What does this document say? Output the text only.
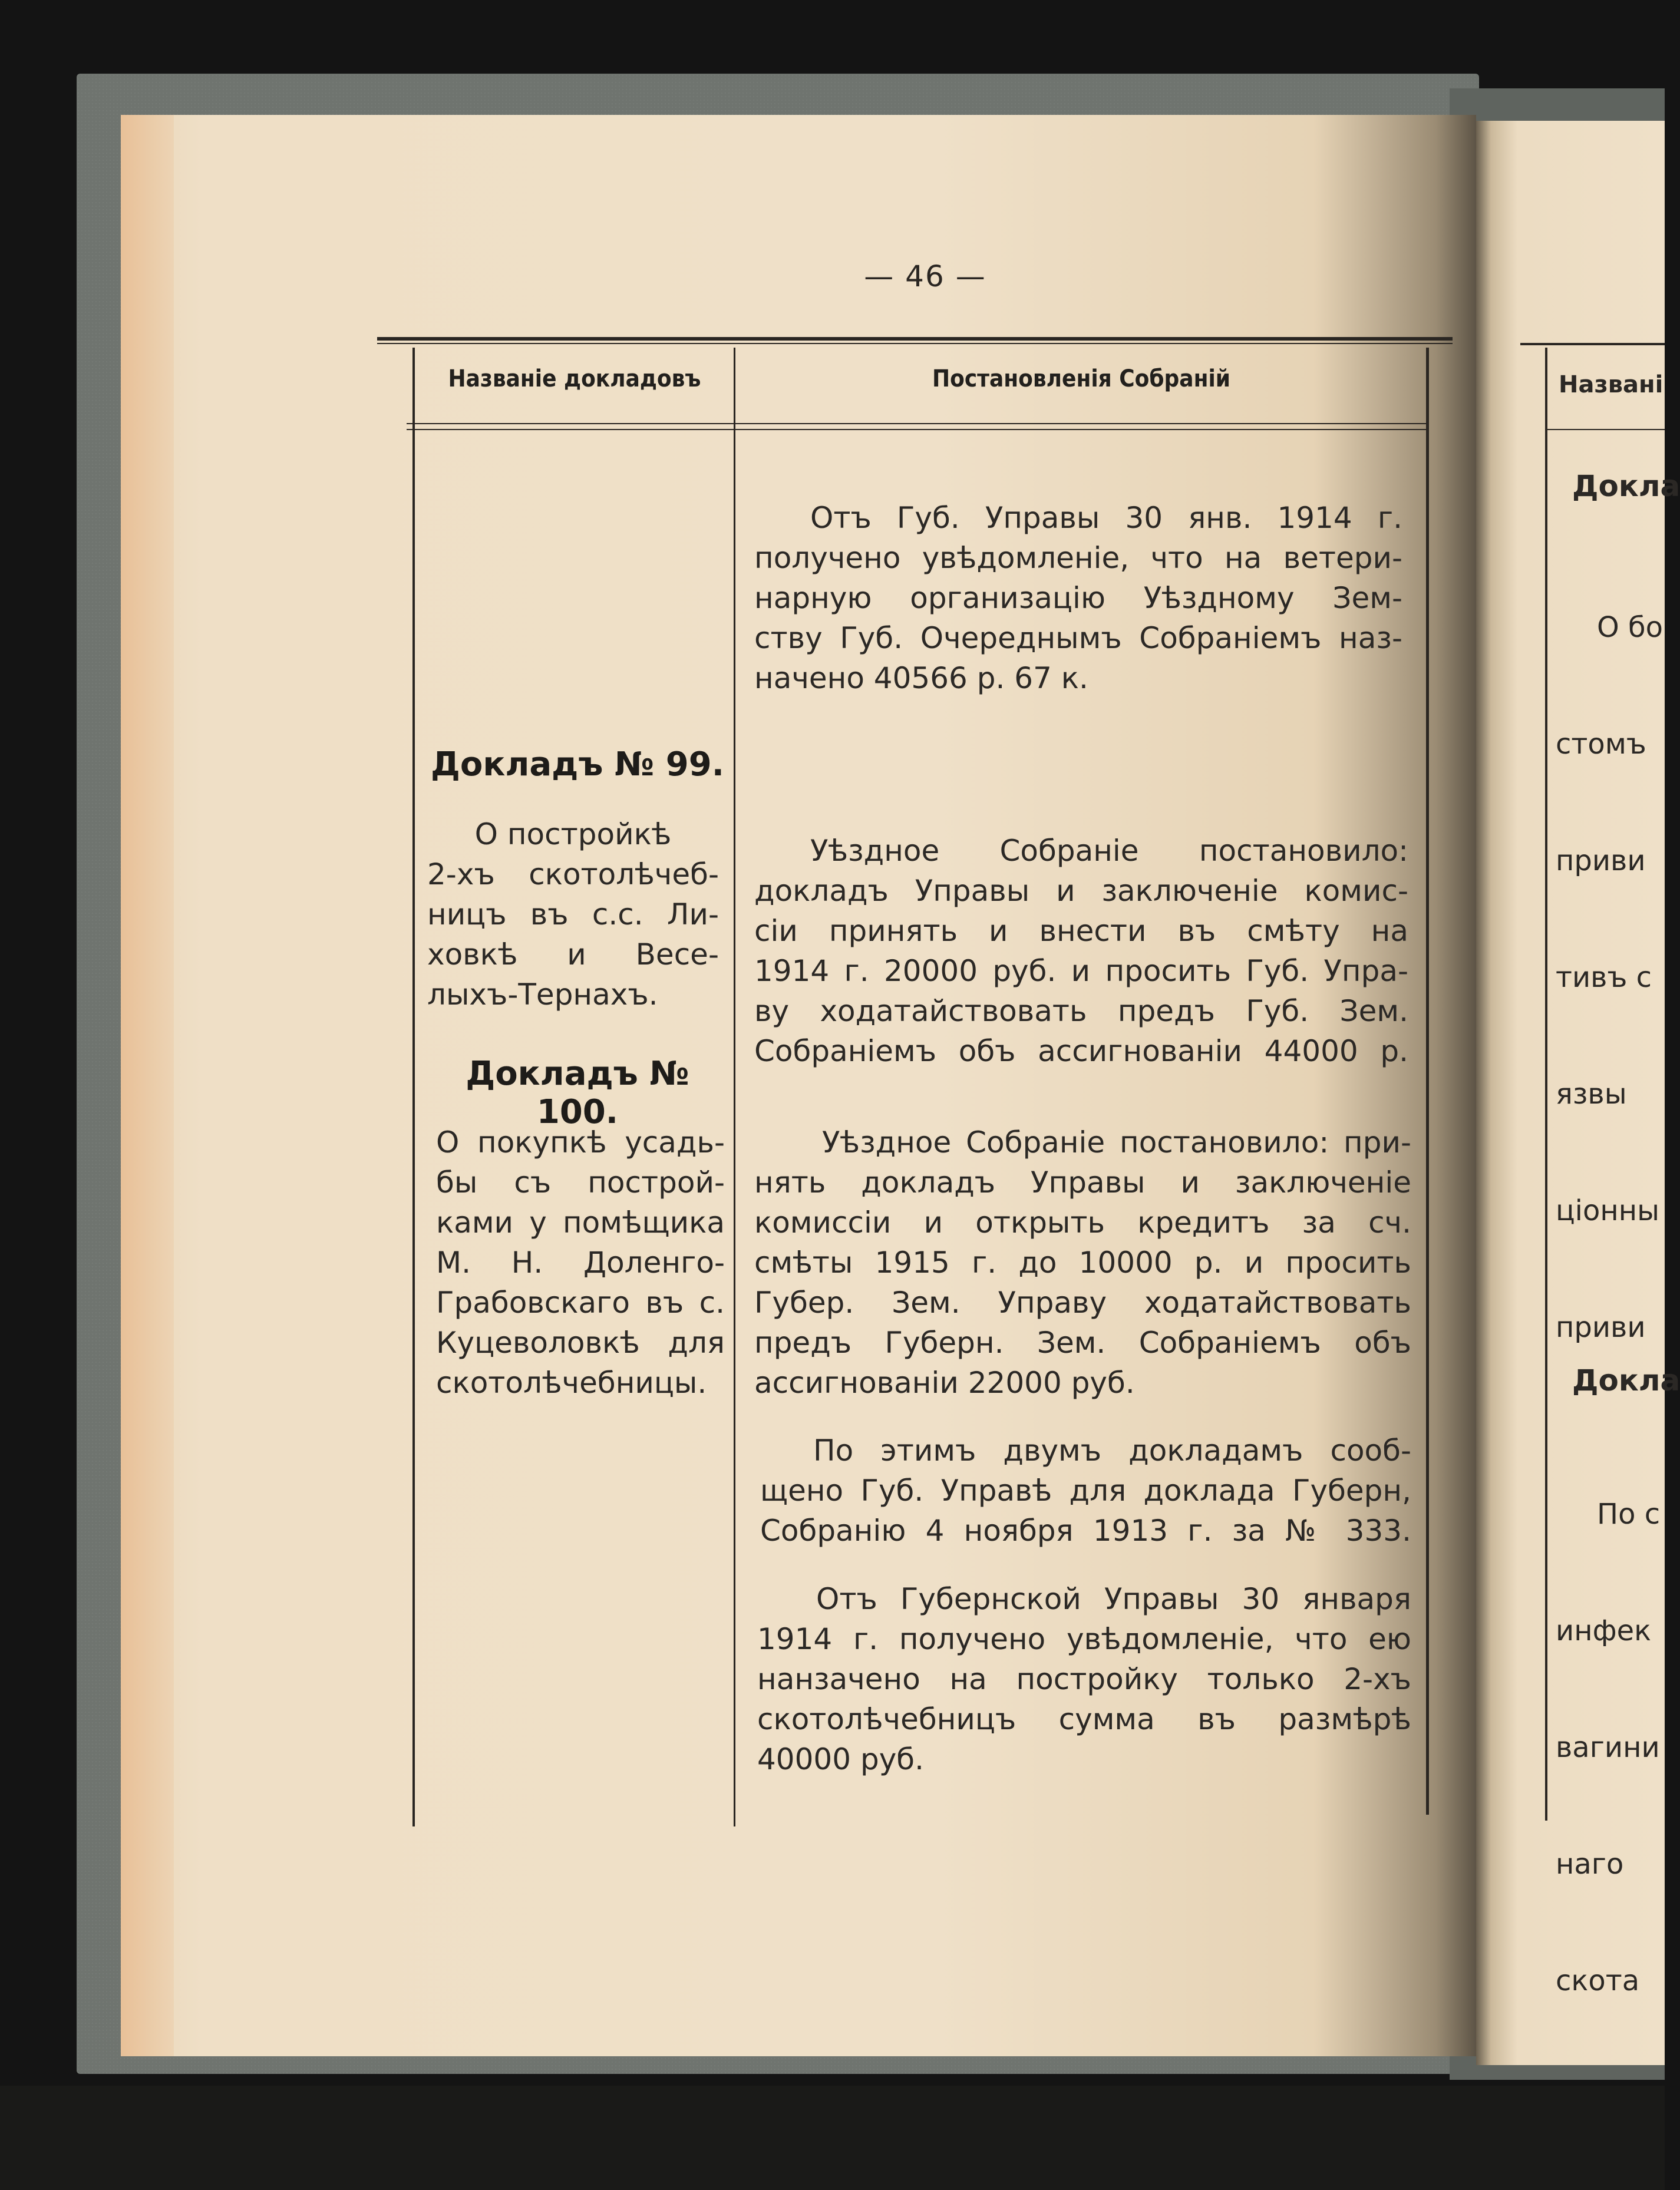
— 46 —
Названіе докладовъ	Постановленія Собраній
Докладъ № 99.
О постройкѣ
2-хъ скотолѣчеб-
ницъ въ с.с. Ли-
ховкѣ и Весе-
лыхъ-Тернахъ.
Докладъ № 100.
О покупкѣ усадь-
бы съ построй-
ками у помѣщика
М. Н. Доленго-
Грабовскаго въ с.
Куцеволовкѣ для
скотолѣчебницы.
Отъ Губ. Управы 30 янв. 1914 г.
получено увѣдомленіе, что на ветери-
нарную организацію Уѣздному Зем-
ству Губ. Очереднымъ Собраніемъ наз-
начено 40566 р. 67 к.
Уѣздное Собраніе постановило:
докладъ Управы и заключеніе комис-
сіи принять и внести въ смѣту на
1914 г. 20000 руб. и просить Губ. Упра-
ву ходатайствовать предъ Губ. Зем.
Собраніемъ объ ассигнованіи 44000 р.
Уѣздное Собраніе постановило: при-
нять докладъ Управы и заключеніе
комиссіи и открыть кредитъ за сч.
смѣты 1915 г. до 10000 р. и просить
Губер. Зем. Управу ходатайствовать
предъ Губерн. Зем. Собраніемъ объ
ассигнованіи 22000 руб.
По этимъ двумъ докладамъ сооб-
щено Губ. Управѣ для доклада Губерн,
Собранію 4 ноября 1913 г. за № 333.
Отъ Губернской Управы 30 января
1914 г. получено увѣдомленіе, что ею
нанзачено на постройку только 2-хъ
скотолѣчебницъ сумма въ размѣрѣ
40000 руб.
Названі
Докла

О бо

стомъ

приви

тивъ с

язвы

ціонны

приви

Докла

По с

инфек

вагини

наго

скота
